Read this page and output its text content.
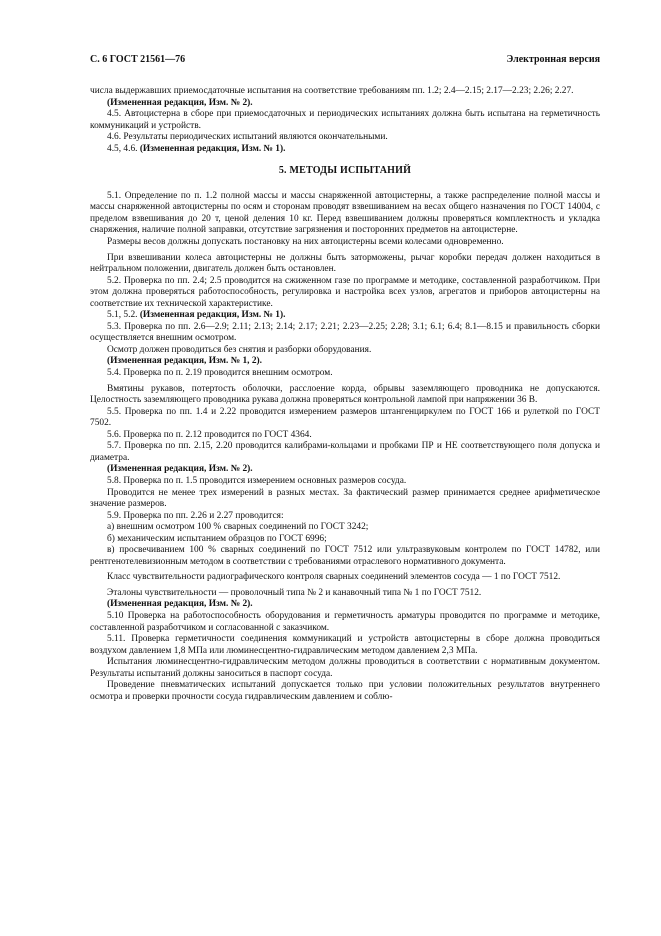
С. 6 ГОСТ 21561—76	Электронная версия

числа выдержавших приемосдаточные испытания на соответствие требованиям пп. 1.2; 2.4—2.15; 2.17—2.23; 2.26; 2.27.

(Измененная редакция, Изм. № 2).

4.5. Автоцистерна в сборе при приемосдаточных и периодических испытаниях должна быть испытана на герметичность коммуникаций и устройств.

4.6. Результаты периодических испытаний являются окончательными.

4.5, 4.6. (Измененная редакция, Изм. № 1).

5. МЕТОДЫ ИСПЫТАНИЙ

5.1. Определение по п. 1.2 полной массы и массы снаряженной автоцистерны, а также распределение полной массы и массы снаряженной автоцистерны по осям и сторонам проводят взвешиванием на весах общего назначения по ГОСТ 14004, с пределом взвешивания до 20 т, ценой деления 10 кг. Перед взвешиванием должны проверяться комплектность и укладка снаряжения, наличие полной заправки, отсутствие загрязнения и посторонних предметов на автоцистерне.

Размеры весов должны допускать постановку на них автоцистерны всеми колесами одновременно.

При взвешивании колеса автоцистерны не должны быть заторможены, рычаг коробки передач должен находиться в нейтральном положении, двигатель должен быть остановлен.

5.2. Проверка по пп. 2.4; 2.5 проводится на сжиженном газе по программе и методике, составленной разработчиком. При этом должна проверяться работоспособность, регулировка и настройка всех узлов, агрегатов и приборов автоцистерны на соответствие их технической характеристике.

5.1, 5.2. (Измененная редакция, Изм. № 1).

5.3. Проверка по пп. 2.6—2.9; 2.11; 2.13; 2.14; 2.17; 2.21; 2.23—2.25; 2.28; 3.1; 6.1; 6.4; 8.1—8.15 и правильность сборки осуществляется внешним осмотром.

Осмотр должен проводиться без снятия и разборки оборудования.

(Измененная редакция, Изм. № 1, 2).

5.4. Проверка по п. 2.19 проводится внешним осмотром.

Вмятины рукавов, потертость оболочки, расслоение корда, обрывы заземляющего проводника не допускаются. Целостность заземляющего проводника рукава должна проверяться контрольной лампой при напряжении 36 В.

5.5. Проверка по пп. 1.4 и 2.22 проводится измерением размеров штангенциркулем по ГОСТ 166 и рулеткой по ГОСТ 7502.

5.6. Проверка по п. 2.12 проводится по ГОСТ 4364.

5.7. Проверка по пп. 2.15, 2.20 проводится калибрами-кольцами и пробками ПР и НЕ соответствующего поля допуска и диаметра.

(Измененная редакция, Изм. № 2).

5.8. Проверка по п. 1.5 проводится измерением основных размеров сосуда.

Проводится не менее трех измерений в разных местах. За фактический размер принимается среднее арифметическое значение размеров.

5.9. Проверка по пп. 2.26 и 2.27 проводится:

а) внешним осмотром 100 % сварных соединений по ГОСТ 3242;

б) механическим испытанием образцов по ГОСТ 6996;

в) просвечиванием 100 % сварных соединений по ГОСТ 7512 или ультразвуковым контролем по ГОСТ 14782, или рентгенотелевизионным методом в соответствии с требованиями отраслевого нормативного документа.

Класс чувствительности радиографического контроля сварных соединений элементов сосуда — 1 по ГОСТ 7512.

Эталоны чувствительности — проволочный типа № 2 и канавочный типа № 1 по ГОСТ 7512.

(Измененная редакция, Изм. № 2).

5.10 Проверка на работоспособность оборудования и герметичность арматуры проводится по программе и методике, составленной разработчиком и согласованной с заказчиком.

5.11. Проверка герметичности соединения коммуникаций и устройств автоцистерны в сборе должна проводиться воздухом давлением 1,8 МПа или люминесцентно-гидравлическим методом давлением 2,3 МПа.

Испытания люминесцентно-гидравлическим методом должны проводиться в соответствии с нормативным документом. Результаты испытаний должны заноситься в паспорт сосуда.

Проведение пневматических испытаний допускается только при условии положительных результатов внутреннего осмотра и проверки прочности сосуда гидравлическим давлением и соблю-
